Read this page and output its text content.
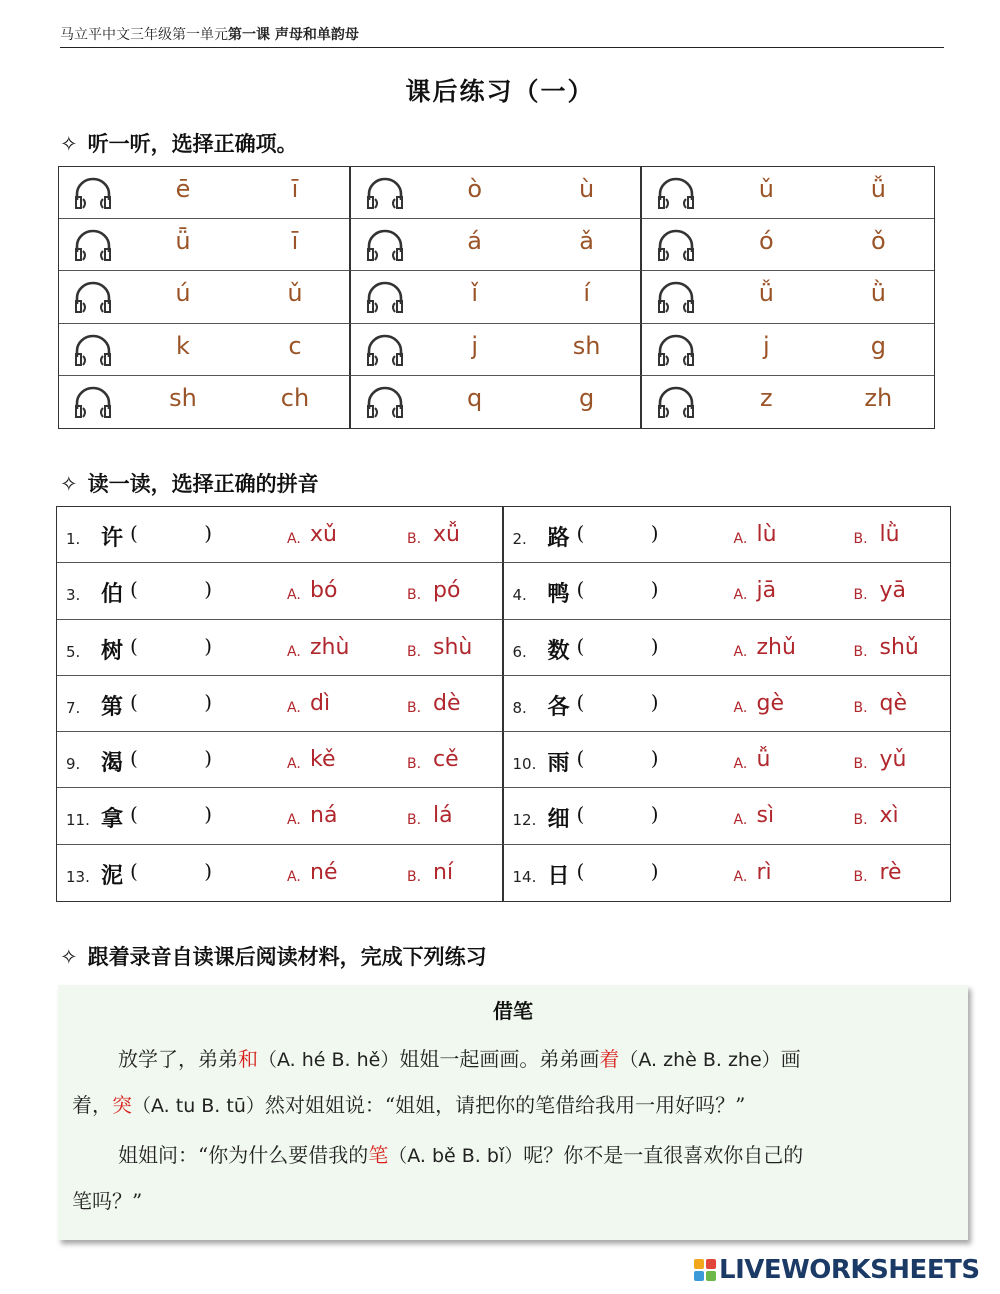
马立平中文三年级第一单元第一课 声母和单韵母
课后练习（一）
✧ 听一听，选择正确项。
ē	ī	ò	ù	ǔ	ǚ
ǖ	ī	á	ǎ	ó	ǒ
ú	ǔ	ǐ	í	ǚ	ǜ
k	c	j	sh	j	g
sh	ch	q	g	z	zh
✧ 读一读，选择正确的拼音
1. 许 (	)	A. xǔ	B. xǚ	2. 路 (	)	A. lù	B. lǜ
3. 伯 (	)	A. bó	B. pó	4. 鸭 (	)	A. jā	B. yā
5. 树 (	)	A. zhù	B. shù	6. 数 (	)	A. zhǔ	B. shǔ
7. 第 (	)	A. dì	B. dè	8. 各 (	)	A. gè	B. qè
9. 渴 (	)	A. kě	B. cě	10. 雨 (	)	A. ǚ	B. yǔ
11. 拿 (	)	A. ná	B. lá	12. 细 (	)	A. sì	B. xì
13. 泥 (	)	A. né	B. ní	14. 日 (	)	A. rì	B. rè
✧ 跟着录音自读课后阅读材料，完成下列练习
借笔
放学了，弟弟和（A. hé B. hě）姐姐一起画画。弟弟画着（A. zhè B. zhe）画
着，突（A. tu B. tū）然对姐姐说：“姐姐，请把你的笔借给我用一用好吗？”
姐姐问：“你为什么要借我的笔（A. bě B. bǐ）呢？你不是一直很喜欢你自己的
笔吗？”
LIVEWORKSHEETS
